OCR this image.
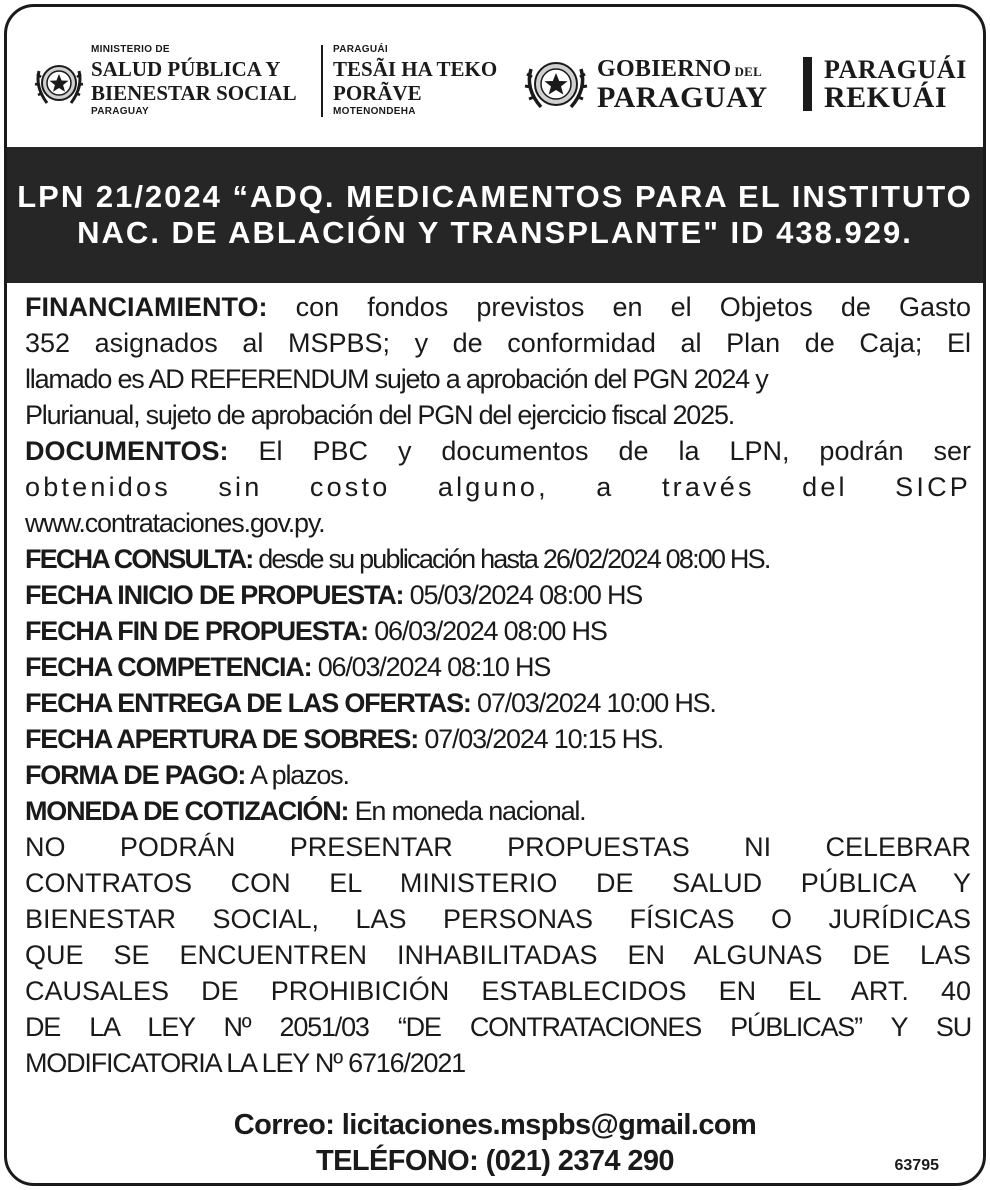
MINISTERIO DE
SALUD PÚBLICA Y
BIENESTAR SOCIAL
PARAGUAY
PARAGUÁI
TESÃI HA TEKO
PORÃVE
MOTENONDEHA
GOBIERNO DEL
PARAGUAY
PARAGUÁI
REKUÁI
LPN 21/2024 “ADQ. MEDICAMENTOS PARA EL INSTITUTO
NAC. DE ABLACIÓN Y TRANSPLANTE" ID 438.929.
FINANCIAMIENTO: con fondos previstos en el Objetos de Gasto
352 asignados al MSPBS; y de conformidad al Plan de Caja; El
llamado es AD REFERENDUM sujeto a aprobación del PGN 2024 y
Plurianual, sujeto de aprobación del PGN del ejercicio fiscal 2025.
DOCUMENTOS: El PBC y documentos de la LPN, podrán ser
obtenidos sin costo alguno, a través del SICP
www.contrataciones.gov.py.
FECHA CONSULTA: desde su publicación hasta 26/02/2024 08:00 HS.
FECHA INICIO DE PROPUESTA: 05/03/2024 08:00 HS
FECHA FIN DE PROPUESTA: 06/03/2024 08:00 HS
FECHA COMPETENCIA: 06/03/2024 08:10 HS
FECHA ENTREGA DE LAS OFERTAS: 07/03/2024 10:00 HS.
FECHA APERTURA DE SOBRES: 07/03/2024 10:15 HS.
FORMA DE PAGO: A plazos.
MONEDA DE COTIZACIÓN: En moneda nacional.
NO PODRÁN PRESENTAR PROPUESTAS NI CELEBRAR
CONTRATOS CON EL MINISTERIO DE SALUD PÚBLICA Y
BIENESTAR SOCIAL, LAS PERSONAS FÍSICAS O JURÍDICAS
QUE SE ENCUENTREN INHABILITADAS EN ALGUNAS DE LAS
CAUSALES DE PROHIBICIÓN ESTABLECIDOS EN EL ART. 40
DE LA LEY Nº 2051/03 “DE CONTRATACIONES PÚBLICAS” Y SU
MODIFICATORIA LA LEY Nº 6716/2021
Correo: licitaciones.mspbs@gmail.com
TELÉFONO: (021) 2374 290	63795
